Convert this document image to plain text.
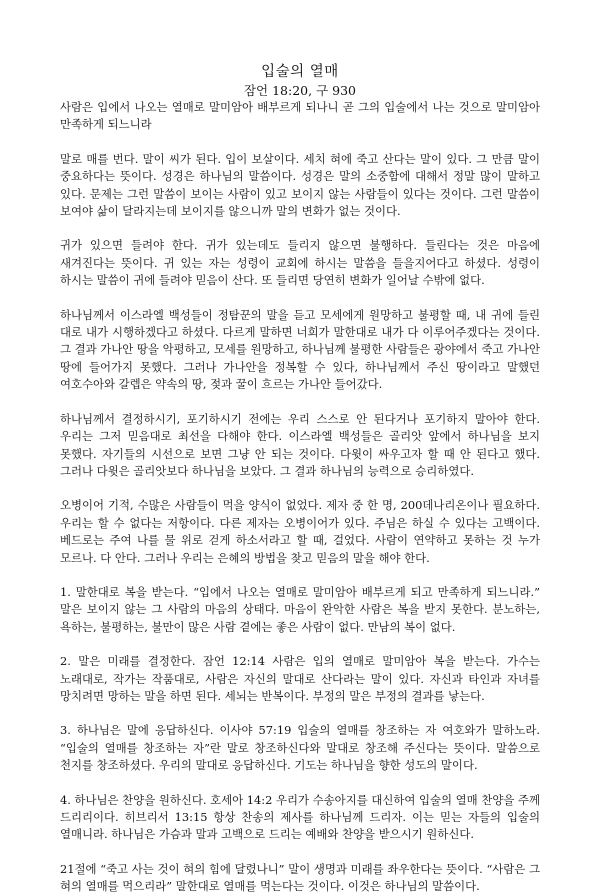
입술의 열매
잠언 18:20, 구 930

사람은 입에서 나오는 열매로 말미암아 배부르게 되나니 곧 그의 입술에서 나는 것으로 말미암아 만족하게 되느니라

말로 매를 번다. 말이 씨가 된다. 입이 보살이다. 세치 혀에 죽고 산다는 말이 있다. 그 만큼 말이 중요하다는 뜻이다. 성경은 하나님의 말씀이다. 성경은 말의 소중함에 대해서 정말 많이 말하고 있다. 문제는 그런 말씀이 보이는 사람이 있고 보이지 않는 사람들이 있다는 것이다. 그런 말씀이 보여야 삶이 달라지는데 보이지를 않으니까 말의 변화가 없는 것이다.

귀가 있으면 들려야 한다. 귀가 있는데도 들리지 않으면 불행하다. 들린다는 것은 마음에 새겨진다는 뜻이다. 귀 있는 자는 성령이 교회에 하시는 말씀을 들을지어다고 하셨다. 성령이 하시는 말씀이 귀에 들려야 믿음이 산다. 또 들리면 당연히 변화가 일어날 수밖에 없다.

하나님께서 이스라엘 백성들이 정탐꾼의 말을 듣고 모세에게 원망하고 불평할 때, 내 귀에 들린 대로 내가 시행하겠다고 하셨다. 다르게 말하면 너희가 말한대로 내가 다 이루어주겠다는 것이다. 그 결과 가나안 땅을 악평하고, 모세를 원망하고, 하나님께 불평한 사람들은 광야에서 죽고 가나안 땅에 들어가지 못했다. 그러나 가나안을 정복할 수 있다, 하나님께서 주신 땅이라고 말했던 여호수아와 갈렙은 약속의 땅, 젖과 꿀이 흐르는 가나안 들어갔다.

하나님께서 결정하시기, 포기하시기 전에는 우리 스스로 안 된다거나 포기하지 말아야 한다. 우리는 그저 믿음대로 최선을 다해야 한다. 이스라엘 백성들은 골리앗 앞에서 하나님을 보지 못했다. 자기들의 시선으로 보면 그냥 안 되는 것이다. 다윗이 싸우고자 할 때 안 된다고 했다. 그러나 다윗은 골리앗보다 하나님을 보았다. 그 결과 하나님의 능력으로 승리하였다.

오병이어 기적, 수많은 사람들이 먹을 양식이 없었다. 제자 중 한 명, 200데나리온이나 필요하다. 우리는 할 수 없다는 저항이다. 다른 제자는 오병이어가 있다. 주님은 하실 수 있다는 고백이다. 베드로는 주여 나를 물 위로 걷게 하소서라고 할 때, 걸었다. 사람이 연약하고 못하는 것 누가 모르나. 다 안다. 그러나 우리는 은혜의 방법을 찾고 믿음의 말을 해야 한다.

1. 말한대로 복을 받는다. “입에서 나오는 열매로 말미암아 배부르게 되고 만족하게 되느니라.” 말은 보이지 않는 그 사람의 마음의 상태다. 마음이 완악한 사람은 복을 받지 못한다. 분노하는, 욕하는, 불평하는, 불만이 많은 사람 곁에는 좋은 사람이 없다. 만남의 복이 없다.

2. 말은 미래를 결정한다. 잠언 12:14 사람은 입의 열매로 말미암아 복을 받는다. 가수는 노래대로, 작가는 작품대로, 사람은 자신의 말대로 산다라는 말이 있다. 자신과 타인과 자녀를 망치려면 망하는 말을 하면 된다. 세뇌는 반복이다. 부정의 말은 부정의 결과를 낳는다.

3. 하나님은 말에 응답하신다. 이사야 57:19 입술의 열매를 창조하는 자 여호와가 말하노라. “입술의 열매를 창조하는 자”란 말로 창조하신다와 말대로 창조해 주신다는 뜻이다. 말씀으로 천지를 창조하셨다. 우리의 말대로 응답하신다. 기도는 하나님을 향한 성도의 말이다.

4. 하나님은 찬양을 원하신다. 호세아 14:2 우리가 수송아지를 대신하여 입술의 열매 찬양을 주께 드리리이다. 히브리서 13:15 항상 찬송의 제사를 하나님께 드리자. 이는 믿는 자들의 입술의 열매니라. 하나님은 가슴과 말과 고백으로 드리는 예배와 찬양을 받으시기 원하신다.

21절에 “죽고 사는 것이 혀의 힘에 달렸나니” 말이 생명과 미래를 좌우한다는 뜻이다. “사람은 그 혀의 열매를 먹으리라” 말한대로 열매를 먹는다는 것이다. 이것은 하나님의 말씀이다.
